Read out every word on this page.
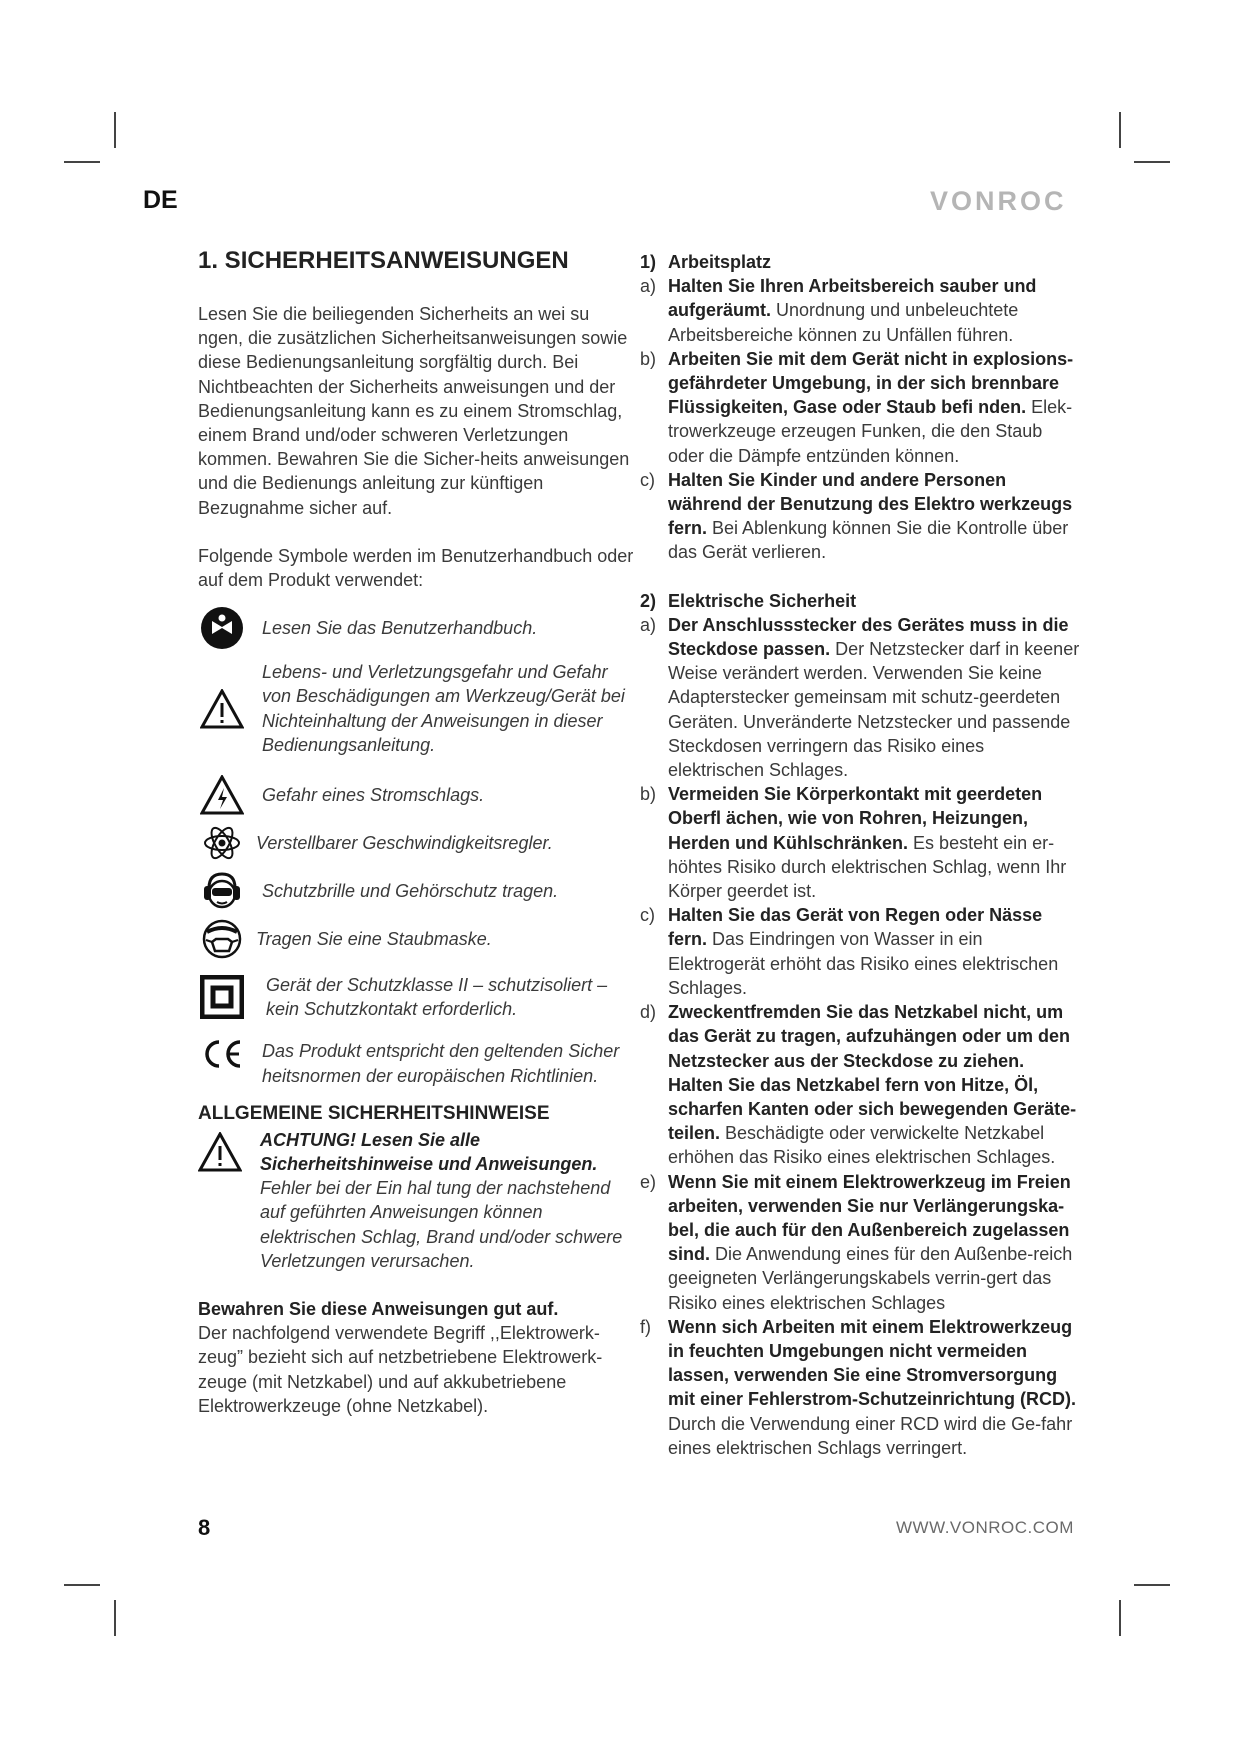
DE	VONROC
1. SICHERHEITSANWEISUNGEN

Lesen Sie die beiliegenden Sicherheits an wei su ngen, die zusätzlichen Sicherheitsanweisungen sowie diese Bedienungsanleitung sorgfältig durch. Bei Nichtbeachten der Sicherheits anweisungen und der Bedienungsanleitung kann es zu einem Stromschlag, einem Brand und/oder schweren Verletzungen kommen. Bewahren Sie die Sicher-heits anweisungen und die Bedienungs anleitung zur künftigen Bezugnahme sicher auf.

Folgende Symbole werden im Benutzerhandbuch oder auf dem Produkt verwendet:

Lesen Sie das Benutzerhandbuch.
Lebens- und Verletzungsgefahr und Gefahr von Beschädigungen am Werkzeug/Gerät bei Nichteinhaltung der Anweisungen in dieser Bedienungsanleitung.
Gefahr eines Stromschlags.
Verstellbarer Geschwindigkeitsregler.
Schutzbrille und Gehörschutz tragen.
Tragen Sie eine Staubmaske.
Gerät der Schutzklasse II – schutzisoliert – kein Schutzkontakt erforderlich.
Das Produkt entspricht den geltenden Sicher heitsnormen der europäischen Richtlinien.
ALLGEMEINE SICHERHEITSHINWEISE

ACHTUNG! Lesen Sie alle Sicherheitshinweise und Anweisungen. Fehler bei der Ein hal tung der nachstehend auf geführten Anweisungen können elektrischen Schlag, Brand und/oder schwere Verletzungen verursachen.

Bewahren Sie diese Anweisungen gut auf.

Der nachfolgend verwendete Begriff ,,Elektrowerk-zeug” bezieht sich auf netzbetriebene Elektrowerk-zeuge (mit Netzkabel) und auf akkubetriebene Elektrowerkzeuge (ohne Netzkabel).

1) Arbeitsplatz
a) Halten Sie Ihren Arbeitsbereich sauber und aufgeräumt. Unordnung und unbeleuchtete Arbeitsbereiche können zu Unfällen führen.

b) Arbeiten Sie mit dem Gerät nicht in explosions-gefährdeter Umgebung, in der sich brennbare Flüssigkeiten, Gase oder Staub befi nden. Elek-trowerkzeuge erzeugen Funken, die den Staub oder die Dämpfe entzünden können.

c) Halten Sie Kinder und andere Personen während der Benutzung des Elektro werkzeugs fern. Bei Ablenkung können Sie die Kontrolle über das Gerät verlieren.

2) Elektrische Sicherheit
a) Der Anschlussstecker des Gerätes muss in die Steckdose passen. Der Netzstecker darf in keener Weise verändert werden. Verwenden Sie keine Adapterstecker gemeinsam mit schutz-geerdeten Geräten. Unveränderte Netzstecker und passende Steckdosen verringern das Risiko eines elektrischen Schlages.

b) Vermeiden Sie Körperkontakt mit geerdeten Oberfl ächen, wie von Rohren, Heizungen, Herden und Kühlschränken. Es besteht ein er-höhtes Risiko durch elektrischen Schlag, wenn Ihr Körper geerdet ist.

c) Halten Sie das Gerät von Regen oder Nässe fern. Das Eindringen von Wasser in ein Elektrogerät erhöht das Risiko eines elektrischen Schlages.

d) Zweckentfremden Sie das Netzkabel nicht, um das Gerät zu tragen, aufzuhängen oder um den Netzstecker aus der Steckdose zu ziehen. Halten Sie das Netzkabel fern von Hitze, Öl, scharfen Kanten oder sich bewegenden Geräte-teilen. Beschädigte oder verwickelte Netzkabel erhöhen das Risiko eines elektrischen Schlages.

e) Wenn Sie mit einem Elektrowerkzeug im Freien arbeiten, verwenden Sie nur Verlängerungska-bel, die auch für den Außenbereich zugelassen sind. Die Anwendung eines für den Außenbe-reich geeigneten Verlängerungskabels verrin-gert das Risiko eines elektrischen Schlages

f) Wenn sich Arbeiten mit einem Elektrowerkzeug in feuchten Umgebungen nicht vermeiden lassen, verwenden Sie eine Stromversorgung mit einer Fehlerstrom-Schutzeinrichtung (RCD). Durch die Verwendung einer RCD wird die Ge-fahr eines elektrischen Schlags verringert.

8	WWW.VONROC.COM
